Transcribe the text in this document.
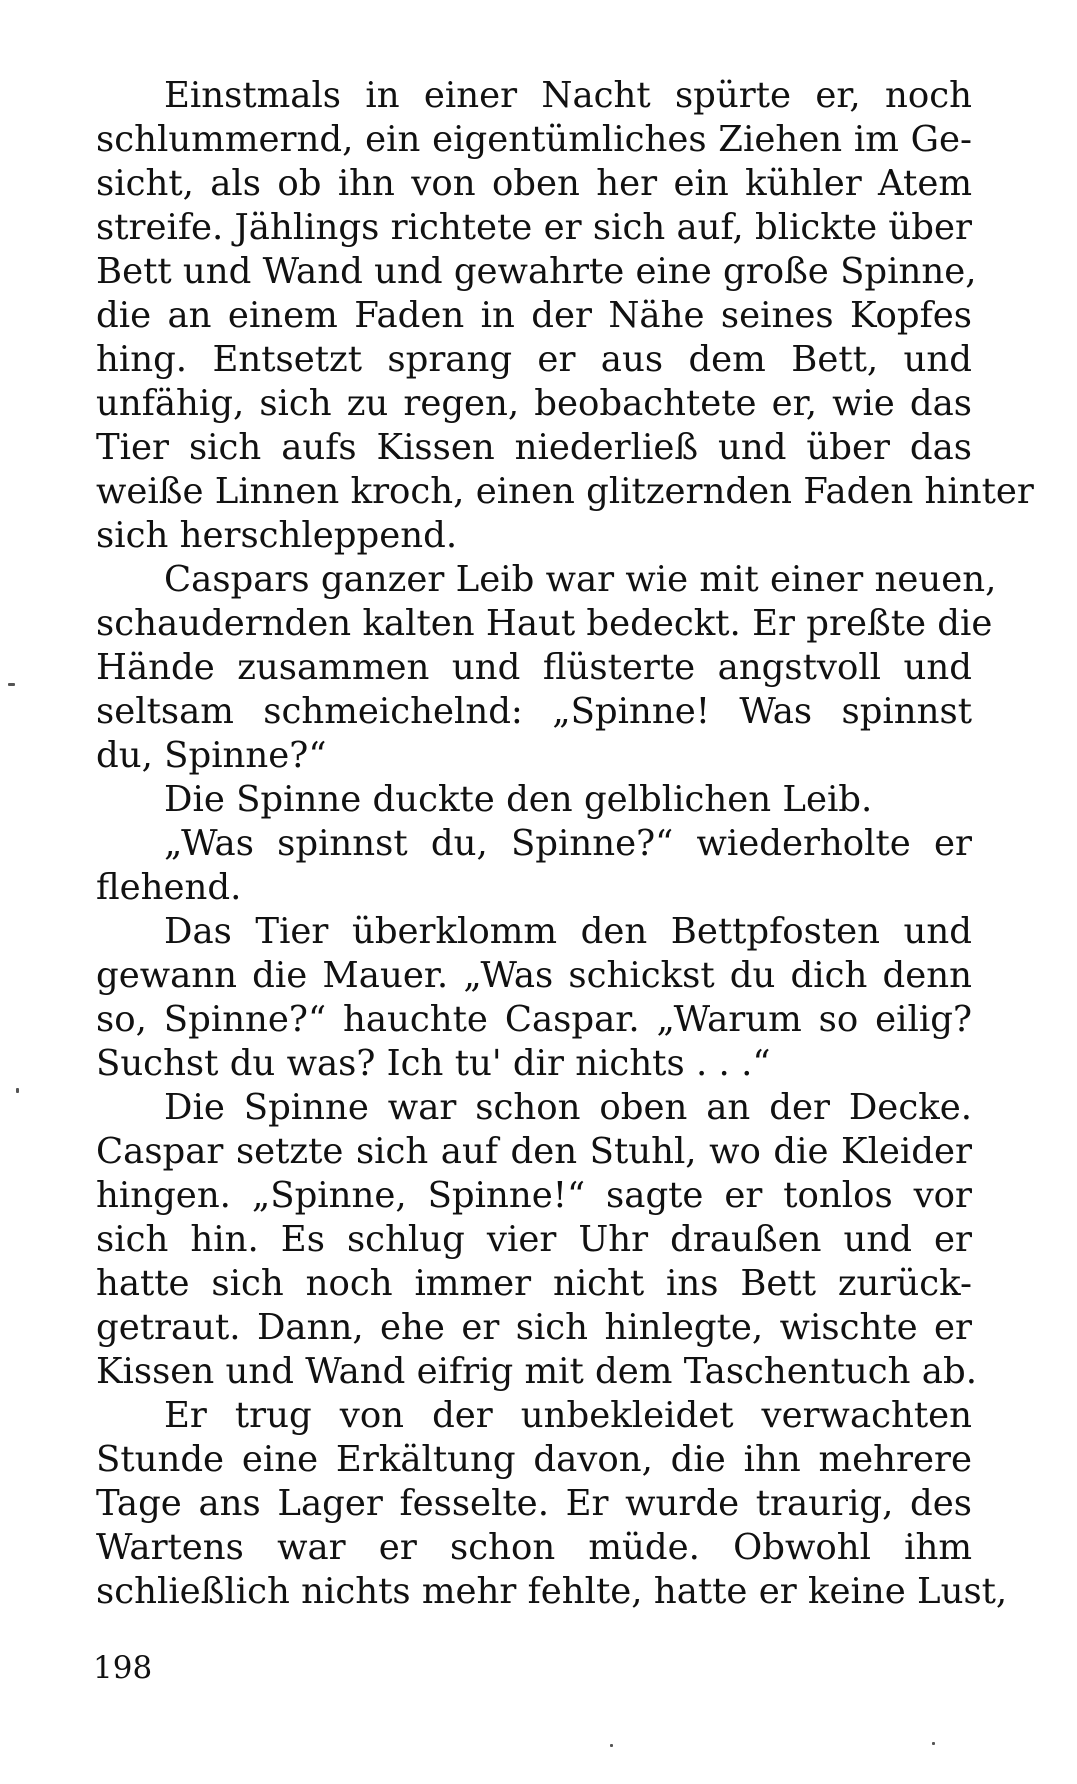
Einstmals in einer Nacht spürte er, noch
schlummernd, ein eigentümliches Ziehen im Ge-
sicht, als ob ihn von oben her ein kühler Atem
streife. Jählings richtete er sich auf, blickte über
Bett und Wand und gewahrte eine große Spinne,
die an einem Faden in der Nähe seines Kopfes
hing. Entsetzt sprang er aus dem Bett, und
unfähig, sich zu regen, beobachtete er, wie das
Tier sich aufs Kissen niederließ und über das
weiße Linnen kroch, einen glitzernden Faden hinter
sich herschleppend.
Caspars ganzer Leib war wie mit einer neuen,
schaudernden kalten Haut bedeckt. Er preßte die
Hände zusammen und flüsterte angstvoll und
seltsam schmeichelnd: „Spinne! Was spinnst
du, Spinne?“
Die Spinne duckte den gelblichen Leib.
„Was spinnst du, Spinne?“ wiederholte er
flehend.
Das Tier überklomm den Bettpfosten und
gewann die Mauer. „Was schickst du dich denn
so, Spinne?“ hauchte Caspar. „Warum so eilig?
Suchst du was? Ich tu' dir nichts . . .“
Die Spinne war schon oben an der Decke.
Caspar setzte sich auf den Stuhl, wo die Kleider
hingen. „Spinne, Spinne!“ sagte er tonlos vor
sich hin. Es schlug vier Uhr draußen und er
hatte sich noch immer nicht ins Bett zurück-
getraut. Dann, ehe er sich hinlegte, wischte er
Kissen und Wand eifrig mit dem Taschentuch ab.
Er trug von der unbekleidet verwachten
Stunde eine Erkältung davon, die ihn mehrere
Tage ans Lager fesselte. Er wurde traurig, des
Wartens war er schon müde. Obwohl ihm
schließlich nichts mehr fehlte, hatte er keine Lust,
198
